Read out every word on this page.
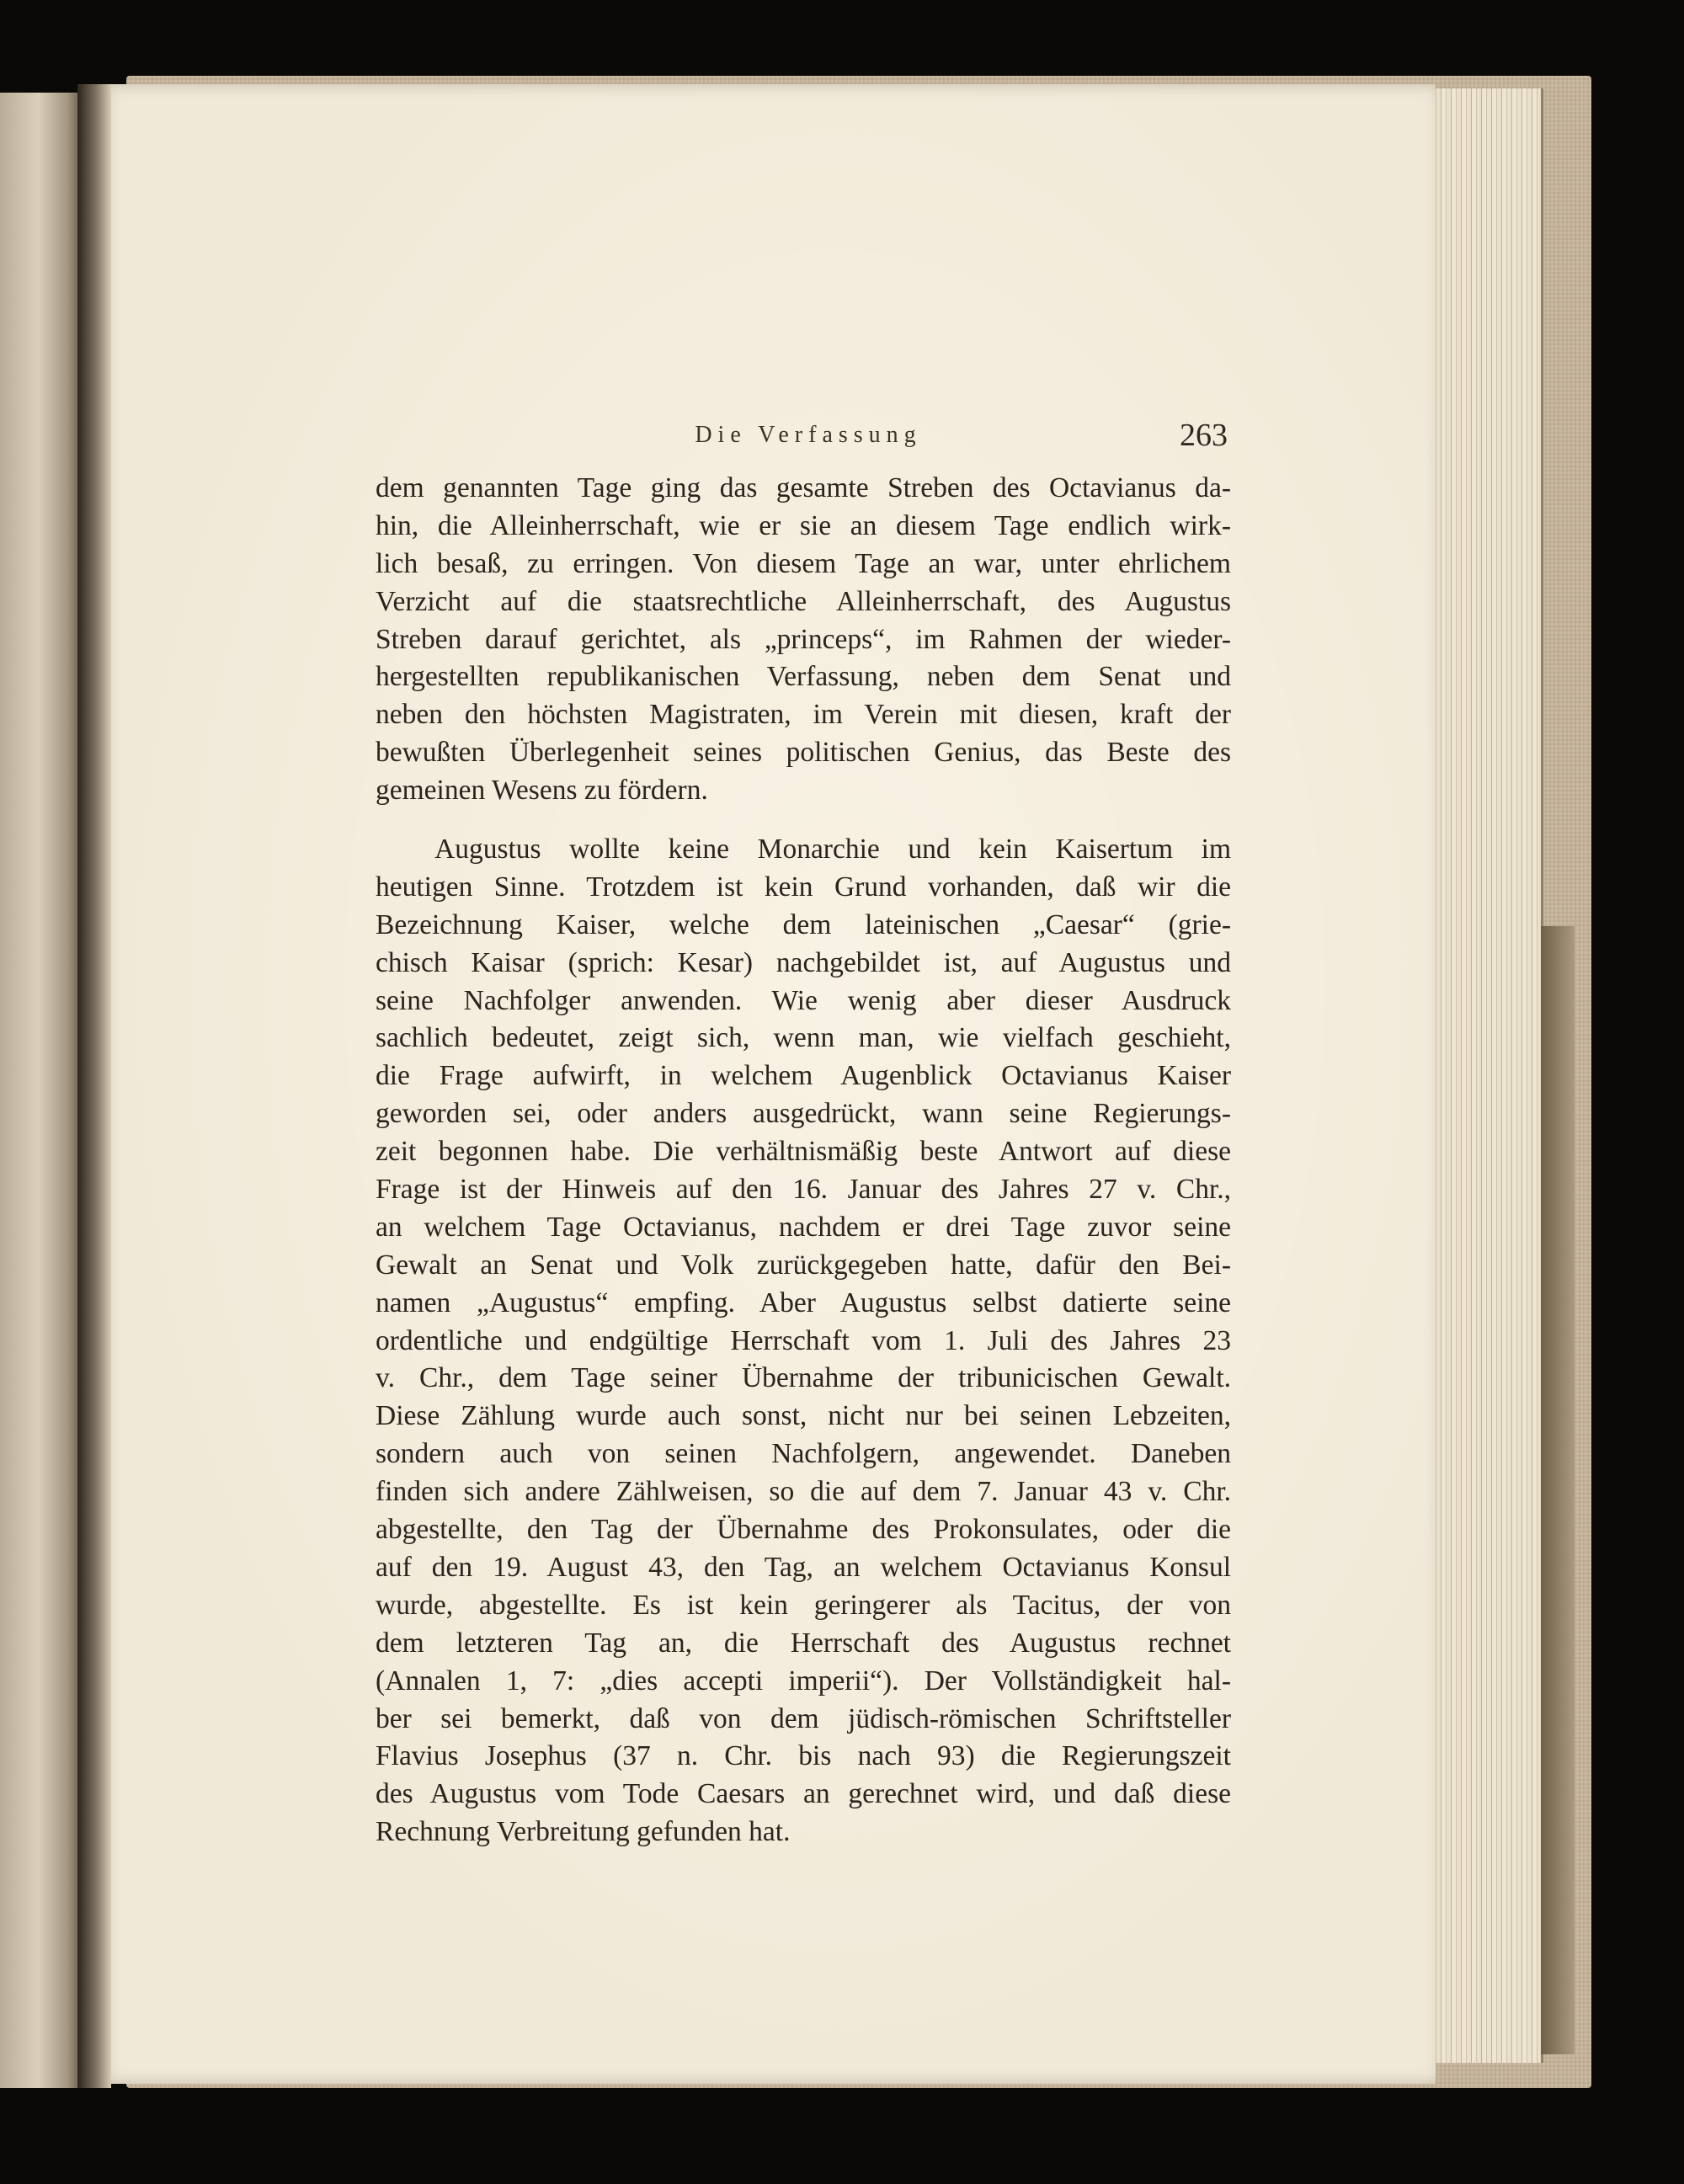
Die Verfassung	263
dem genannten Tage ging das gesamte Streben des Octavianus da-
hin, die Alleinherrschaft, wie er sie an diesem Tage endlich wirk-
lich besaß, zu erringen. Von diesem Tage an war, unter ehrlichem
Verzicht auf die staatsrechtliche Alleinherrschaft, des Augustus
Streben darauf gerichtet, als „princeps“, im Rahmen der wieder-
hergestellten republikanischen Verfassung, neben dem Senat und
neben den höchsten Magistraten, im Verein mit diesen, kraft der
bewußten Überlegenheit seines politischen Genius, das Beste des
gemeinen Wesens zu fördern.
Augustus wollte keine Monarchie und kein Kaisertum im
heutigen Sinne. Trotzdem ist kein Grund vorhanden, daß wir die
Bezeichnung Kaiser, welche dem lateinischen „Caesar“ (grie-
chisch Kaisar (sprich: Kesar) nachgebildet ist, auf Augustus und
seine Nachfolger anwenden. Wie wenig aber dieser Ausdruck
sachlich bedeutet, zeigt sich, wenn man, wie vielfach geschieht,
die Frage aufwirft, in welchem Augenblick Octavianus Kaiser
geworden sei, oder anders ausgedrückt, wann seine Regierungs-
zeit begonnen habe. Die verhältnismäßig beste Antwort auf diese
Frage ist der Hinweis auf den 16. Januar des Jahres 27 v. Chr.,
an welchem Tage Octavianus, nachdem er drei Tage zuvor seine
Gewalt an Senat und Volk zurückgegeben hatte, dafür den Bei-
namen „Augustus“ empfing. Aber Augustus selbst datierte seine
ordentliche und endgültige Herrschaft vom 1. Juli des Jahres 23
v. Chr., dem Tage seiner Übernahme der tribunicischen Gewalt.
Diese Zählung wurde auch sonst, nicht nur bei seinen Lebzeiten,
sondern auch von seinen Nachfolgern, angewendet. Daneben
finden sich andere Zählweisen, so die auf dem 7. Januar 43 v. Chr.
abgestellte, den Tag der Übernahme des Prokonsulates, oder die
auf den 19. August 43, den Tag, an welchem Octavianus Konsul
wurde, abgestellte. Es ist kein geringerer als Tacitus, der von
dem letzteren Tag an, die Herrschaft des Augustus rechnet
(Annalen 1, 7: „dies accepti imperii“). Der Vollständigkeit hal-
ber sei bemerkt, daß von dem jüdisch-römischen Schriftsteller
Flavius Josephus (37 n. Chr. bis nach 93) die Regierungszeit
des Augustus vom Tode Caesars an gerechnet wird, und daß diese
Rechnung Verbreitung gefunden hat.
